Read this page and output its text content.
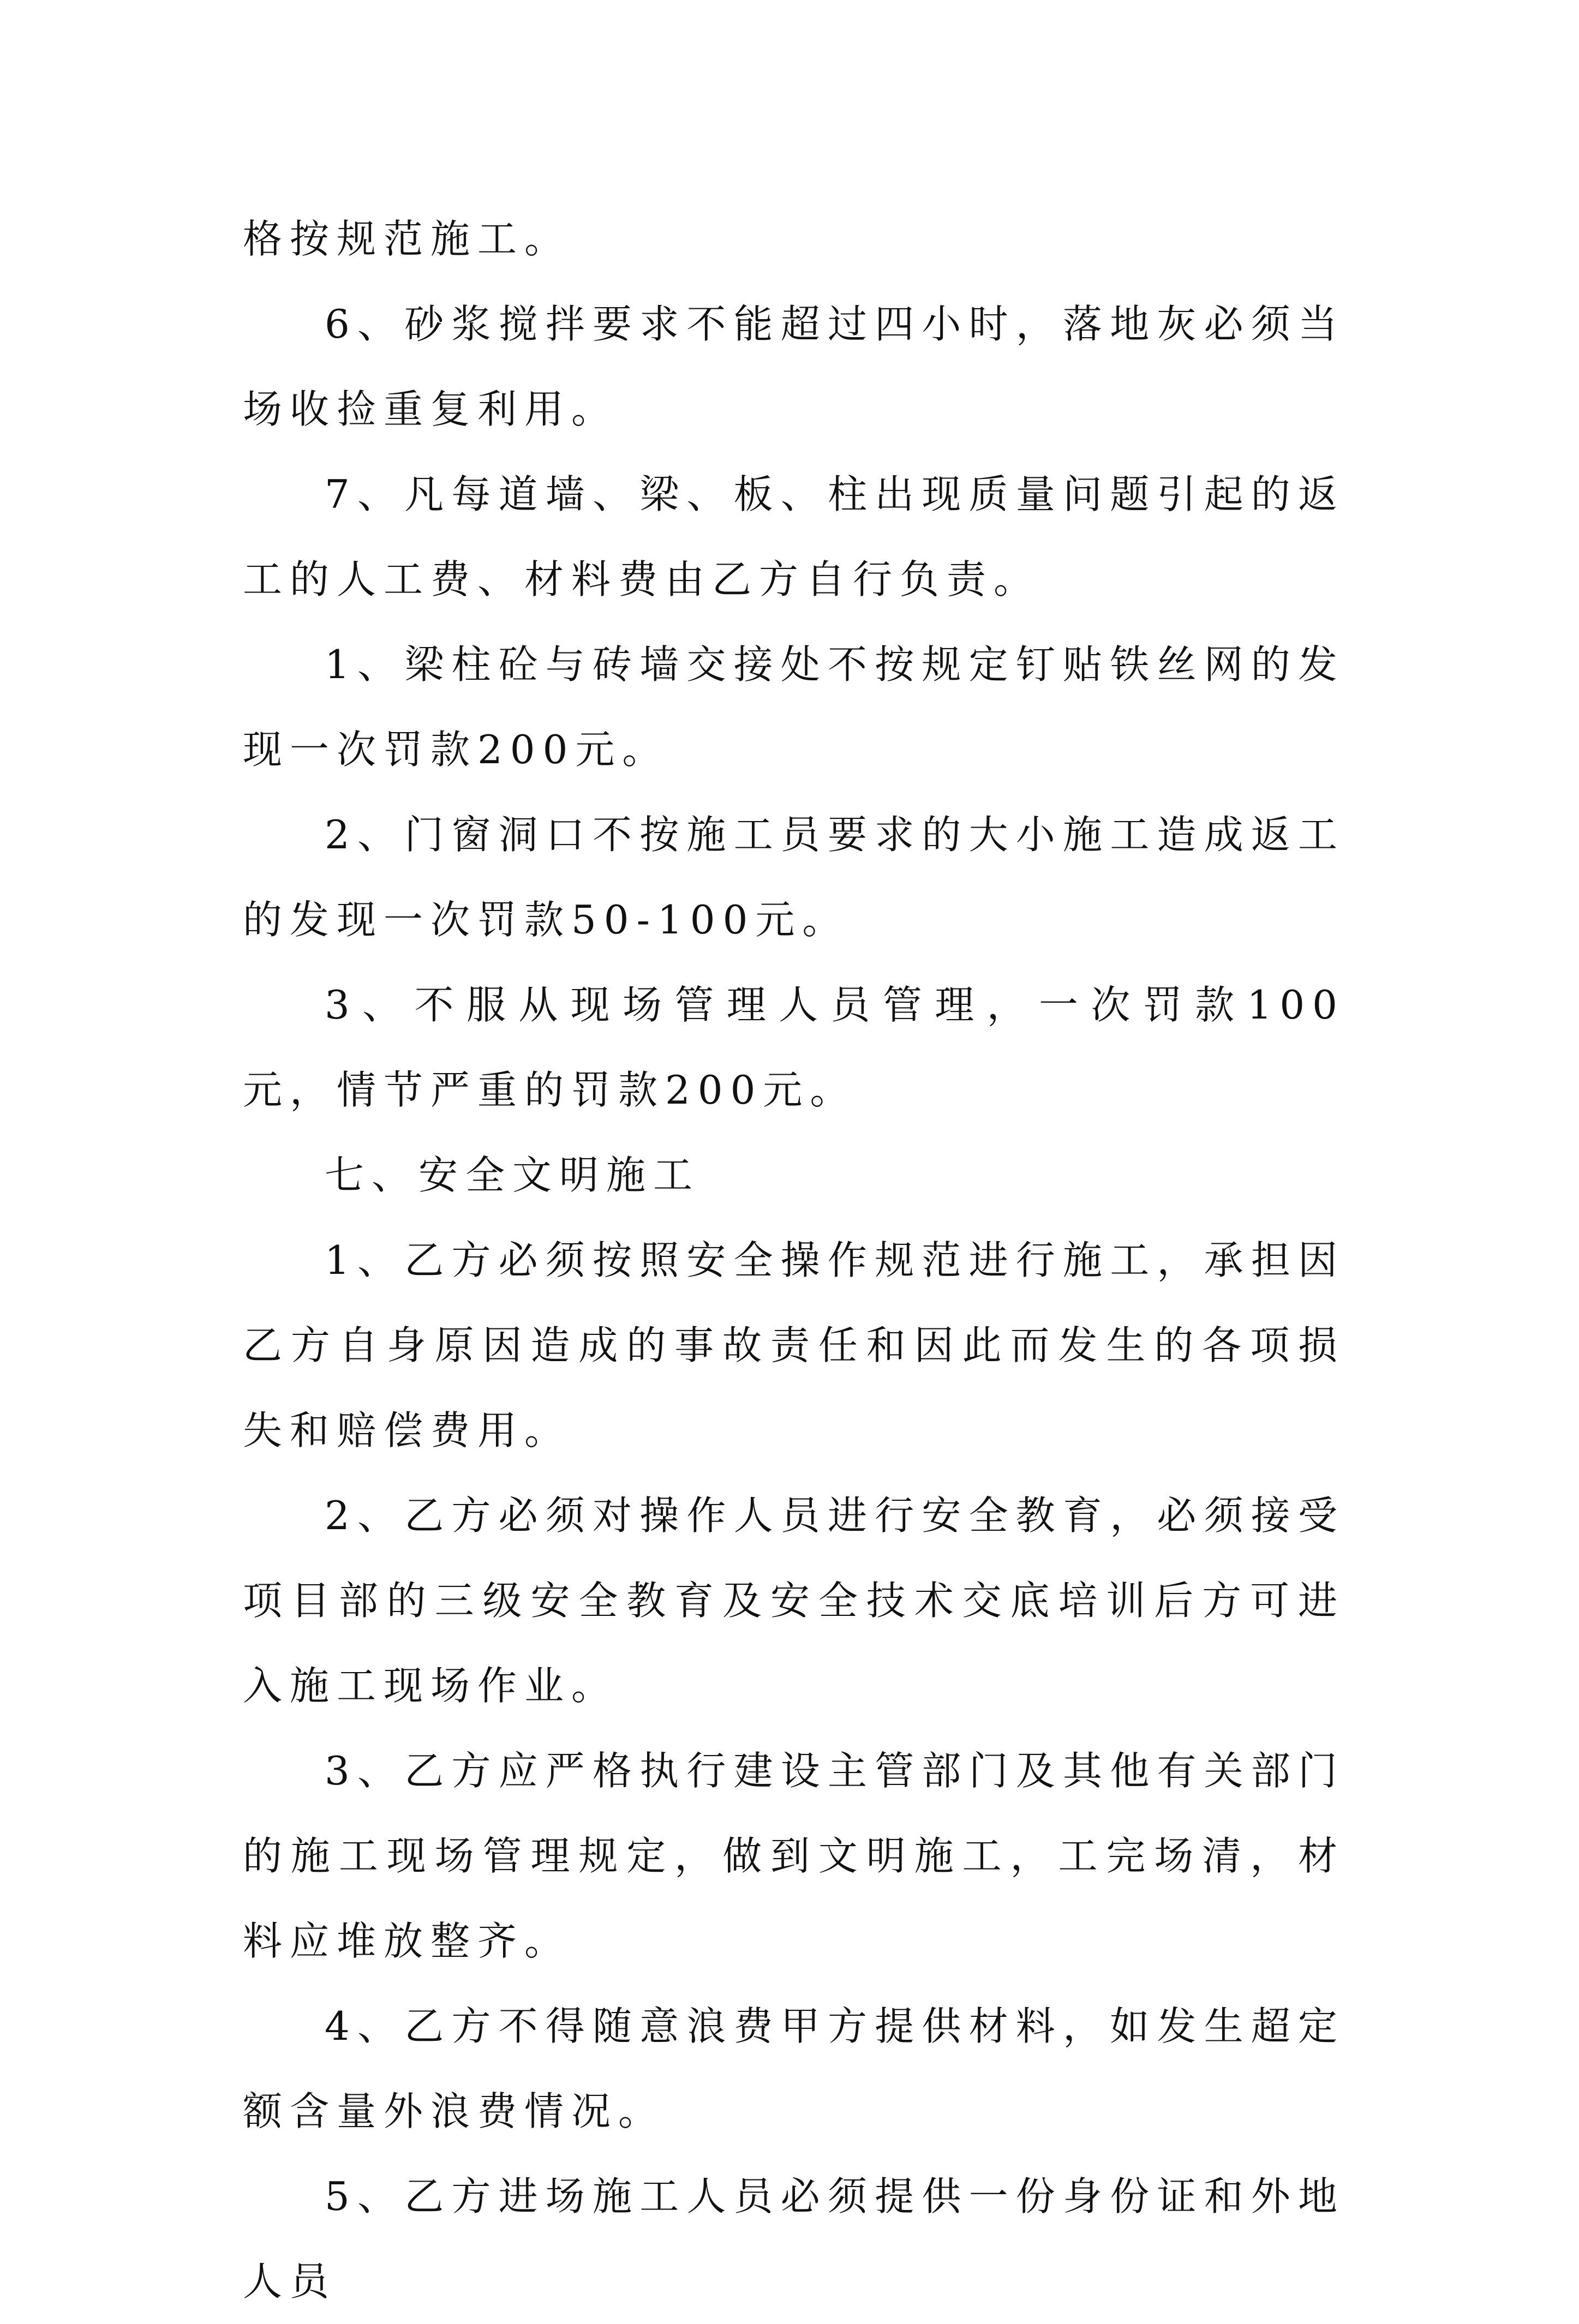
格按规范施工。

6、砂浆搅拌要求不能超过四小时，落地灰必须当场收捡重复利用。

7、凡每道墙、梁、板、柱出现质量问题引起的返工的人工费、材料费由乙方自行负责。

1、梁柱砼与砖墙交接处不按规定钉贴铁丝网的发现一次罚款200元。

2、门窗洞口不按施工员要求的大小施工造成返工的发现一次罚款50-100元。

3、不服从现场管理人员管理，一次罚款100元，情节严重的罚款200元。

七、安全文明施工

1、乙方必须按照安全操作规范进行施工，承担因乙方自身原因造成的事故责任和因此而发生的各项损失和赔偿费用。

2、乙方必须对操作人员进行安全教育，必须接受项目部的三级安全教育及安全技术交底培训后方可进入施工现场作业。

3、乙方应严格执行建设主管部门及其他有关部门的施工现场管理规定，做到文明施工，工完场清，材料应堆放整齐。

4、乙方不得随意浪费甲方提供材料，如发生超定额含量外浪费情况。

5、乙方进场施工人员必须提供一份身份证和外地人员
